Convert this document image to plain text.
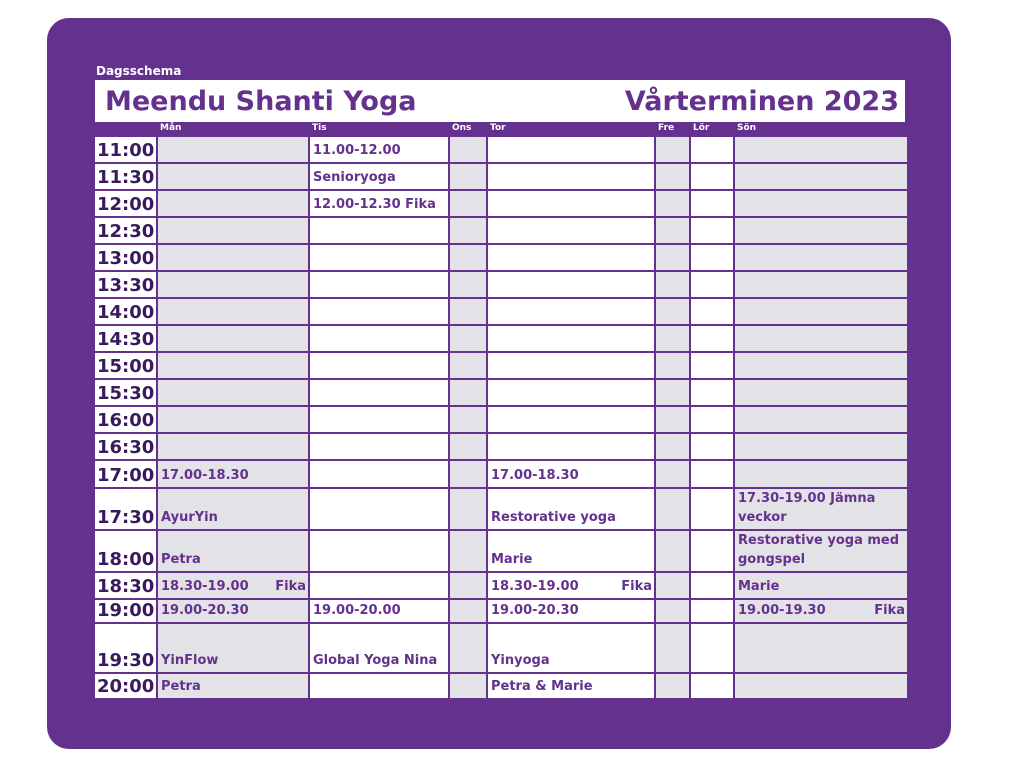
Dagsschema
Meendu Shanti Yoga	Vårterminen 2023
	Mån	Tis	Ons	Tor	Fre	Lör	Sön
11:00		11.00-12.00					
11:30		Senioryoga					
12:00		12.00-12.30 Fika					
12:30							
13:00							
13:30							
14:00							
14:30							
15:00							
15:30							
16:00							
16:30							
17:00	17.00-18.30			17.00-18.30			
17:30	AyurYin			Restorative yoga			17.30-19.00 Jämna veckor
18:00	Petra			Marie			Restorative yoga med gongspel
18:30	18.30-19.00 Fika			18.30-19.00 Fika			Marie
19:00	19.00-20.30	19.00-20.00		19.00-20.30			19.00-19.30 Fika

19:30	YinFlow	Global Yoga Nina		Yinyoga			
20:00	Petra			Petra & Marie			
